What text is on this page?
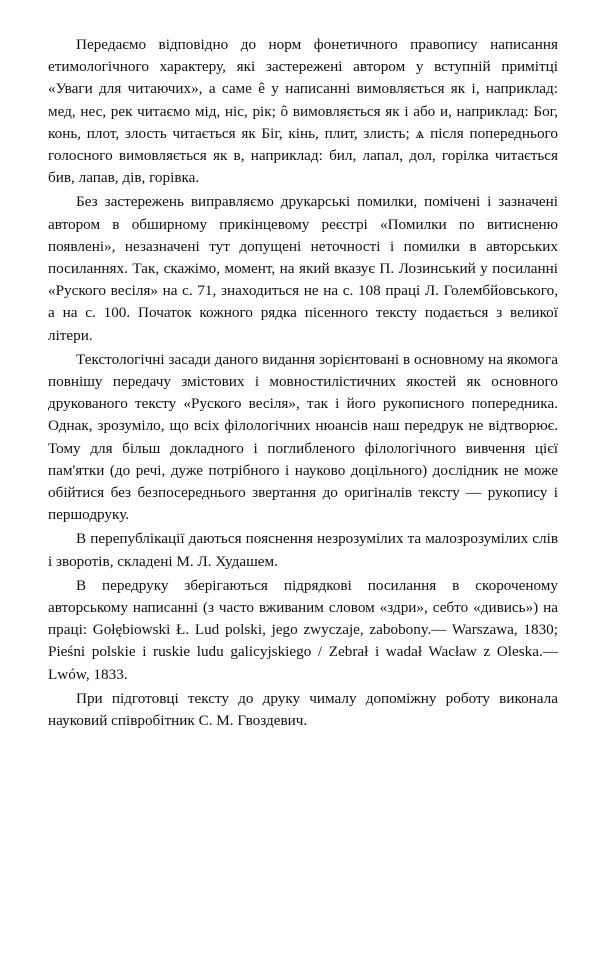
Передаємо відповідно до норм фонетичного правопису написання етимологічного характеру, які застережені автором у вступній примітці «Уваги для читаючих», а саме ê у написанні вимовляється як і, наприклад: мед, нес, рек читаємо мід, ніс, рік; ô вимовляється як і або и, наприклад: Бог, конь, плот, злость читається як Біг, кінь, плит, злисть; ѧ після попереднього голосного вимовляється як в, наприклад: бил, лапал, дол, горілка читається бив, лапав, дів, горівка.

Без застережень виправляємо друкарські помилки, помічені і зазначені автором в обширному прикінцевому реєстрі «Помилки по витисненю появлені», незазначені тут допущені неточності і помилки в авторських посиланнях. Так, скажімо, момент, на який вказує П. Лозинський у посиланні «Руского весіля» на с. 71, знаходиться не на с. 108 праці Л. Голембйовського, а на с. 100. Початок кожного рядка пісенного тексту подається з великої літери.

Текстологічні засади даного видання зорієнтовані в основному на якомога повнішу передачу змістових і мовностилістичних якостей як основного друкованого тексту «Руского весіля», так і його рукописного попередника. Однак, зрозуміло, що всіх філологічних нюансів наш передрук не відтворює. Тому для більш докладного і поглибленого філологічного вивчення цієї пам'ятки (до речі, дуже потрібного і науково доцільного) дослідник не може обійтися без безпосереднього звертання до оригіналів тексту — рукопису і першодруку.

В перепублікації даються пояснення незрозумілих та малозрозумілих слів і зворотів, складені М. Л. Худашем.

В передруку зберігаються підрядкові посилання в скороченому авторському написанні (з часто вживаним словом «здри», себто «дивись») на праці: Gołębiowski Ł. Lud polski, jego zwyczaje, zabobony.— Warszawa, 1830; Pieśni polskie i ruskie ludu galicyjskiego / Zebrał i wadał Wacław z Oleska.— Lwów, 1833.

При підготовці тексту до друку чималу допоміжну роботу виконала науковий співробітник С. М. Гвоздевич.
